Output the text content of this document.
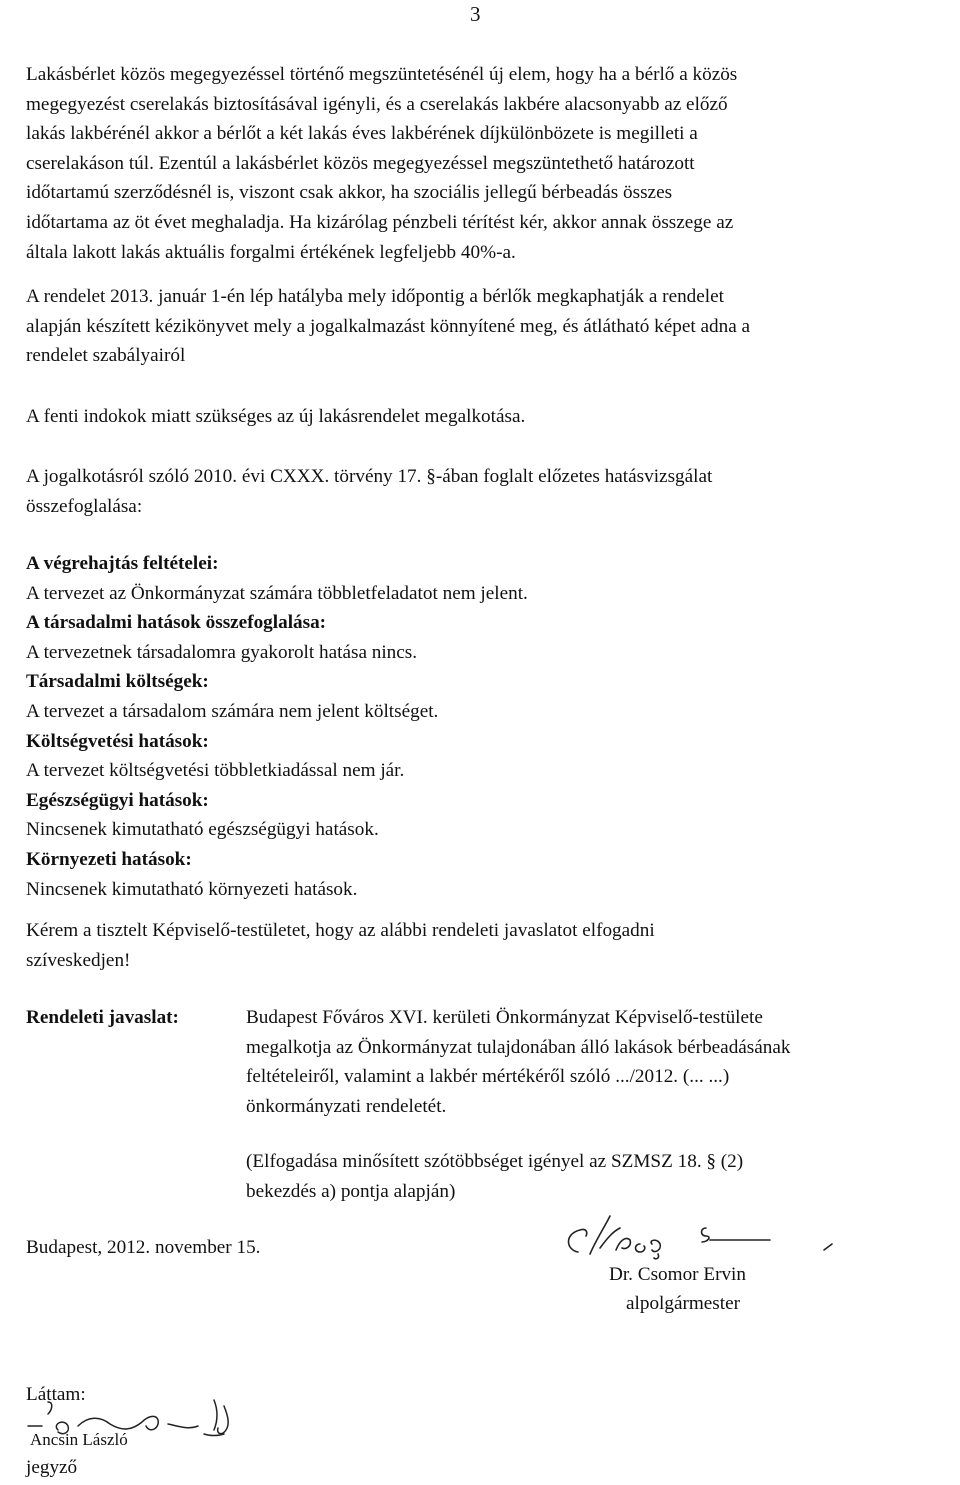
3
Lakásbérlet közös megegyezéssel történő megszüntetésénél új elem, hogy ha a bérlő a közös
megegyezést cserelakás biztosításával igényli, és a cserelakás lakbére alacsonyabb az előző
lakás lakbérénél akkor a bérlőt a két lakás éves lakbérének díjkülönbözete is megilleti a
cserelakáson túl. Ezentúl a lakásbérlet közös megegyezéssel megszüntethető határozott
időtartamú szerződésnél is, viszont csak akkor, ha szociális jellegű bérbeadás összes
időtartama az öt évet meghaladja. Ha kizárólag pénzbeli térítést kér, akkor annak összege az
általa lakott lakás aktuális forgalmi értékének legfeljebb 40%-a.
A rendelet 2013. január 1-én lép hatályba mely időpontig a bérlők megkaphatják a rendelet
alapján készített kézikönyvet mely a jogalkalmazást könnyítené meg, és átlátható képet adna a
rendelet szabályairól
A fenti indokok miatt szükséges az új lakásrendelet megalkotása.
A jogalkotásról szóló 2010. évi CXXX. törvény 17. §-ában foglalt előzetes hatásvizsgálat
összefoglalása:
A végrehajtás feltételei:
A tervezet az Önkormányzat számára többletfeladatot nem jelent.
A társadalmi hatások összefoglalása:
A tervezetnek társadalomra gyakorolt hatása nincs.
Társadalmi költségek:
A tervezet a társadalom számára nem jelent költséget.
Költségvetési hatások:
A tervezet költségvetési többletkiadással nem jár.
Egészségügyi hatások:
Nincsenek kimutatható egészségügyi hatások.
Környezeti hatások:
Nincsenek kimutatható környezeti hatások.
Kérem a tisztelt Képviselő-testületet, hogy az alábbi rendeleti javaslatot elfogadni
szíveskedjen!
Rendeleti javaslat:	Budapest Főváros XVI. kerületi Önkormányzat Képviselő-testülete
megalkotja az Önkormányzat tulajdonában álló lakások bérbeadásának
feltételeiről, valamint a lakbér mértékéről szóló .../2012. (... ...)
önkormányzati rendeletét.
(Elfogadása minősített szótöbbséget igényel az SZMSZ 18. § (2)
bekezdés a) pontja alapján)
Budapest, 2012. november 15.
Dr. Csomor Ervin
alpolgármester
Láttam:
Ancsin László
jegyző
